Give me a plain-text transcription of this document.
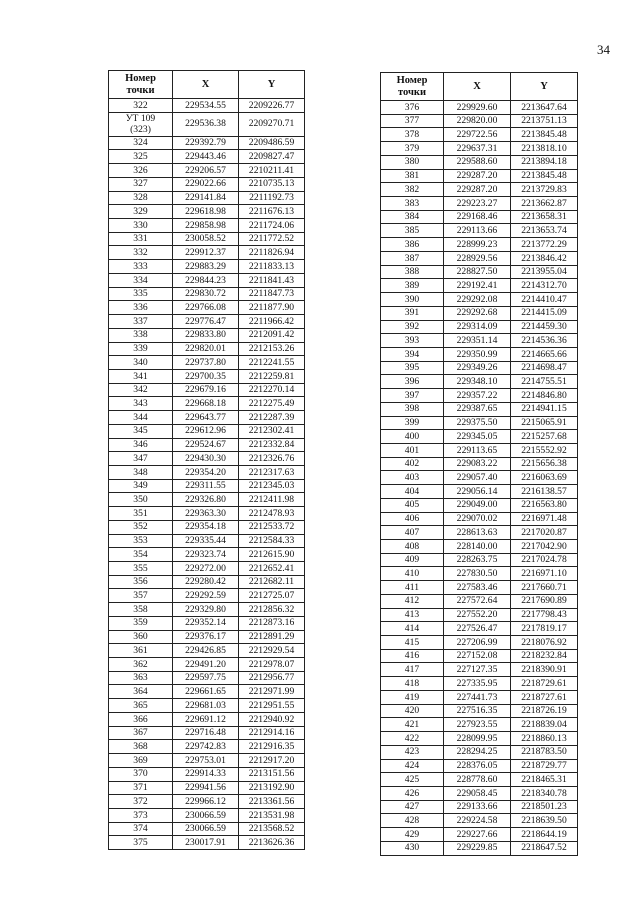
34
Номер
точки	X	Y
322	229534.55	2209226.77
УТ 109
(323)	229536.38	2209270.71
324	229392.79	2209486.59
325	229443.46	2209827.47
326	229206.57	2210211.41
327	229022.66	2210735.13
328	229141.84	2211192.73
329	229618.98	2211676.13
330	229858.98	2211724.06
331	230058.52	2211772.52
332	229912.37	2211826.94
333	229883.29	2211833.13
334	229844.23	2211841.43
335	229830.72	2211847.73
336	229766.08	2211877.90
337	229776.47	2211966.42
338	229833.80	2212091.42
339	229820.01	2212153.26
340	229737.80	2212241.55
341	229700.35	2212259.81
342	229679.16	2212270.14
343	229668.18	2212275.49
344	229643.77	2212287.39
345	229612.96	2212302.41
346	229524.67	2212332.84
347	229430.30	2212326.76
348	229354.20	2212317.63
349	229311.55	2212345.03
350	229326.80	2212411.98
351	229363.30	2212478.93
352	229354.18	2212533.72
353	229335.44	2212584.33
354	229323.74	2212615.90
355	229272.00	2212652.41
356	229280.42	2212682.11
357	229292.59	2212725.07
358	229329.80	2212856.32
359	229352.14	2212873.16
360	229376.17	2212891.29
361	229426.85	2212929.54
362	229491.20	2212978.07
363	229597.75	2212956.77
364	229661.65	2212971.99
365	229681.03	2212951.55
366	229691.12	2212940.92
367	229716.48	2212914.16
368	229742.83	2212916.35
369	229753.01	2212917.20
370	229914.33	2213151.56
371	229941.56	2213192.90
372	229966.12	2213361.56
373	230066.59	2213531.98
374	230066.59	2213568.52
375	230017.91	2213626.36
Номер
точки	X	Y
376	229929.60	2213647.64
377	229820.00	2213751.13
378	229722.56	2213845.48
379	229637.31	2213818.10
380	229588.60	2213894.18
381	229287.20	2213845.48
382	229287.20	2213729.83
383	229223.27	2213662.87
384	229168.46	2213658.31
385	229113.66	2213653.74
386	228999.23	2213772.29
387	228929.56	2213846.42
388	228827.50	2213955.04
389	229192.41	2214312.70
390	229292.08	2214410.47
391	229292.68	2214415.09
392	229314.09	2214459.30
393	229351.14	2214536.36
394	229350.99	2214665.66
395	229349.26	2214698.47
396	229348.10	2214755.51
397	229357.22	2214846.80
398	229387.65	2214941.15
399	229375.50	2215065.91
400	229345.05	2215257.68
401	229113.65	2215552.92
402	229083.22	2215656.38
403	229057.40	2216063.69
404	229056.14	2216138.57
405	229049.00	2216563.80
406	229070.02	2216971.48
407	228613.63	2217020.87
408	228140.00	2217042.90
409	228263.75	2217024.78
410	227830.50	2216971.10
411	227583.46	2217660.71
412	227572.64	2217690.89
413	227552.20	2217798.43
414	227526.47	2217819.17
415	227206.99	2218076.92
416	227152.08	2218232.84
417	227127.35	2218390.91
418	227335.95	2218729.61
419	227441.73	2218727.61
420	227516.35	2218726.19
421	227923.55	2218839.04
422	228099.95	2218860.13
423	228294.25	2218783.50
424	228376.05	2218729.77
425	228778.60	2218465.31
426	229058.45	2218340.78
427	229133.66	2218501.23
428	229224.58	2218639.50
429	229227.66	2218644.19
430	229229.85	2218647.52
